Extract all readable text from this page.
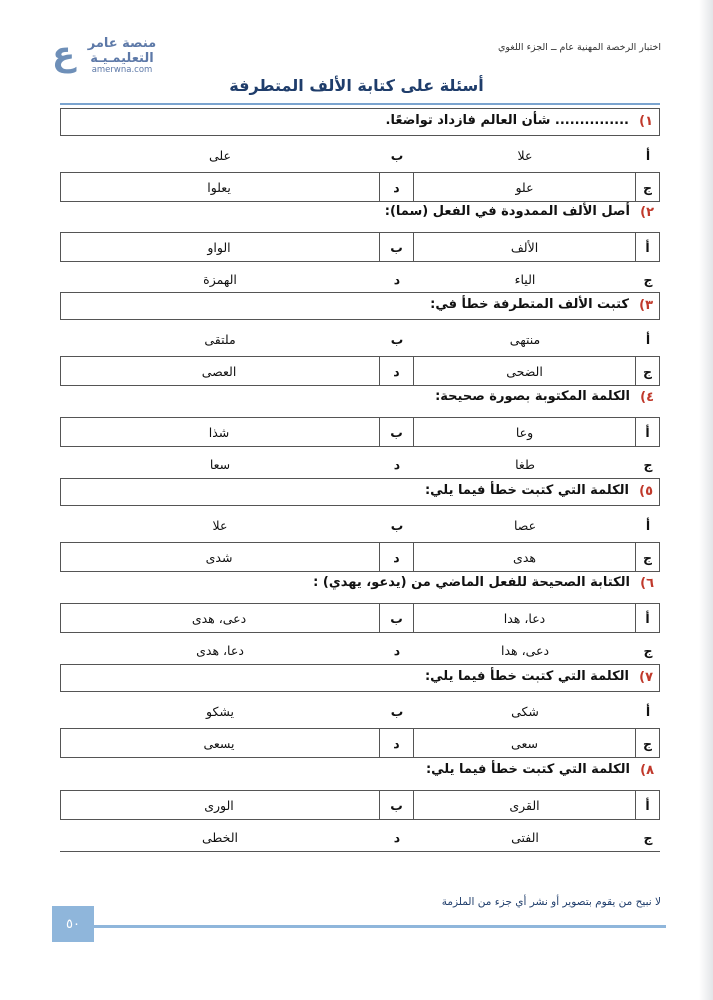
ع منصة عامر
التعليمـيـة
amerwna.com
اختبار الرخصة المهنية عام ــ الجزء اللغوي
أسئلة على كتابة الألف المتطرفة
١)
............... شأن العالم فازداد تواضعًا.
أ
علا
ب
على
ج
علو
د
يعلوا
٢)
أصل الألف الممدودة في الفعل (سما):
أ
الألف
ب
الواو
ج
الياء
د
الهمزة
٣)
كتبت الألف المتطرفة خطأ في:
أ
منتهى
ب
ملتقى
ج
الضحى
د
العصى
٤)
الكلمة المكتوبة بصورة صحيحة:
أ
وعا
ب
شذا
ج
طغا
د
سعا
٥)
الكلمة التي كتبت خطأ فيما يلي:
أ
عصا
ب
علا
ج
هدى
د
شدى
٦)
الكتابة الصحيحة للفعل الماضي من (يدعو، يهدي) :
أ
دعا، هدا
ب
دعى، هدى
ج
دعى، هدا
د
دعا، هدى
٧)
الكلمة التي كتبت خطأ فيما يلي:
أ
شكى
ب
يشكو
ج
سعى
د
يسعى
٨)
الكلمة التي كتبت خطأ فيما يلي:
أ
القرى
ب
الورى
ج
الفتى
د
الخطى
لا نبيح من يقوم بتصوير أو نشر أي جزء من الملزمة
٥٠
